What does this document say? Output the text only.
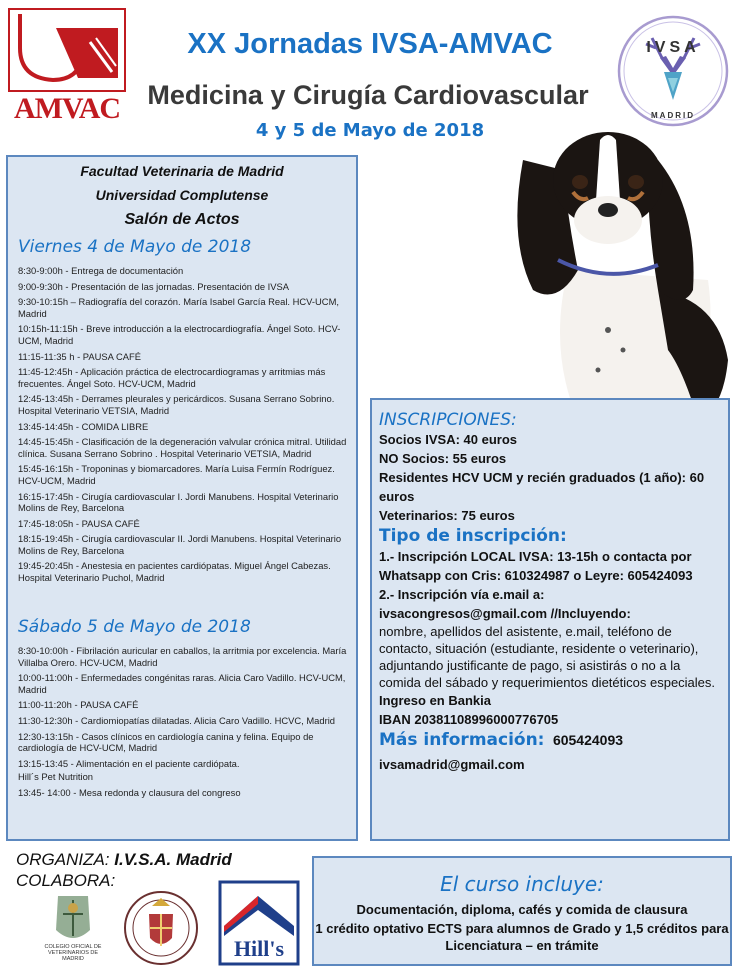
AMVAC
XX Jornadas IVSA-AMVAC
Medicina y Cirugía Cardiovascular
4 y 5 de Mayo de 2018
IVSA
MADRID
Facultad Veterinaria de Madrid
Universidad Complutense
Salón de Actos
Viernes 4 de Mayo de 2018
8:30-9:00h - Entrega de documentación
9:00-9:30h - Presentación de las jornadas. Presentación de IVSA
9:30-10:15h – Radiografía del corazón. María Isabel García Real. HCV-UCM, Madrid
10:15h-11:15h - Breve introducción a la electrocardiografía. Ángel Soto. HCV-UCM, Madrid
11:15-11:35 h - PAUSA CAFÉ
11:45-12:45h - Aplicación práctica de electrocardiogramas y arritmias más frecuentes. Ángel Soto. HCV-UCM, Madrid
12:45-13:45h - Derrames pleurales y pericárdicos. Susana Serrano Sobrino. Hospital Veterinario VETSIA, Madrid
13:45-14:45h - COMIDA LIBRE
14:45-15:45h - Clasificación de la degeneración valvular crónica mitral. Utilidad clínica. Susana Serrano Sobrino . Hospital Veterinario VETSIA, Madrid
15:45-16:15h - Troponinas y biomarcadores. María Luisa Fermín Rodríguez. HCV-UCM, Madrid
16:15-17:45h - Cirugía cardiovascular I. Jordi Manubens. Hospital Veterinario Molins de Rey, Barcelona
17:45-18:05h - PAUSA CAFÉ
18:15-19:45h - Cirugía cardiovascular II. Jordi Manubens. Hospital Veterinario Molins de Rey, Barcelona
19:45-20:45h - Anestesia en pacientes cardiópatas. Miguel Ángel Cabezas. Hospital Veterinario Puchol, Madrid
Sábado 5 de Mayo de 2018
8:30-10:00h - Fibrilación auricular en caballos, la arritmia por excelencia. María Villalba Orero. HCV-UCM, Madrid
10:00-11:00h - Enfermedades congénitas raras. Alicia Caro Vadillo. HCV-UCM, Madrid
11:00-11:20h - PAUSA CAFÉ
11:30-12:30h - Cardiomiopatías dilatadas. Alicia Caro Vadillo. HCVC, Madrid
12:30-13:15h - Casos clínicos en cardiología canina y felina. Equipo de cardiología de HCV-UCM, Madrid
13:15-13:45 - Alimentación en el paciente cardiópata.
Hill´s Pet Nutrition
13:45- 14:00 - Mesa redonda y clausura del congreso

INSCRIPCIONES:

Socios IVSA: 40 euros

NO Socios: 55 euros

Residentes HCV UCM y recién graduados (1 año): 60 euros

Veterinarios: 75 euros

Tipo de inscripción:

1.- Inscripción LOCAL IVSA: 13-15h o contacta por Whatsapp con Cris: 610324987 o Leyre: 605424093

2.- Inscripción vía e.mail a:

ivsacongresos@gmail.com //Incluyendo:

nombre, apellidos del asistente, e.mail, teléfono de contacto, situación (estudiante, residente o veterinario), adjuntando justificante de pago, si asistirás o no a la comida del sábado y requerimientos dietéticos especiales.

Ingreso en Bankia

IBAN 20381108996000776705

Más información: 605424093

ivsamadrid@gmail.com

ORGANIZA: I.V.S.A. Madrid
COLABORA:
COLEGIO OFICIAL DE VETERINARIOS DE MADRID	Hill's
El curso incluye:
Documentación, diploma, cafés y comida de clausura
1 crédito optativo ECTS para alumnos de Grado y 1,5 créditos para Licenciatura – en trámite
